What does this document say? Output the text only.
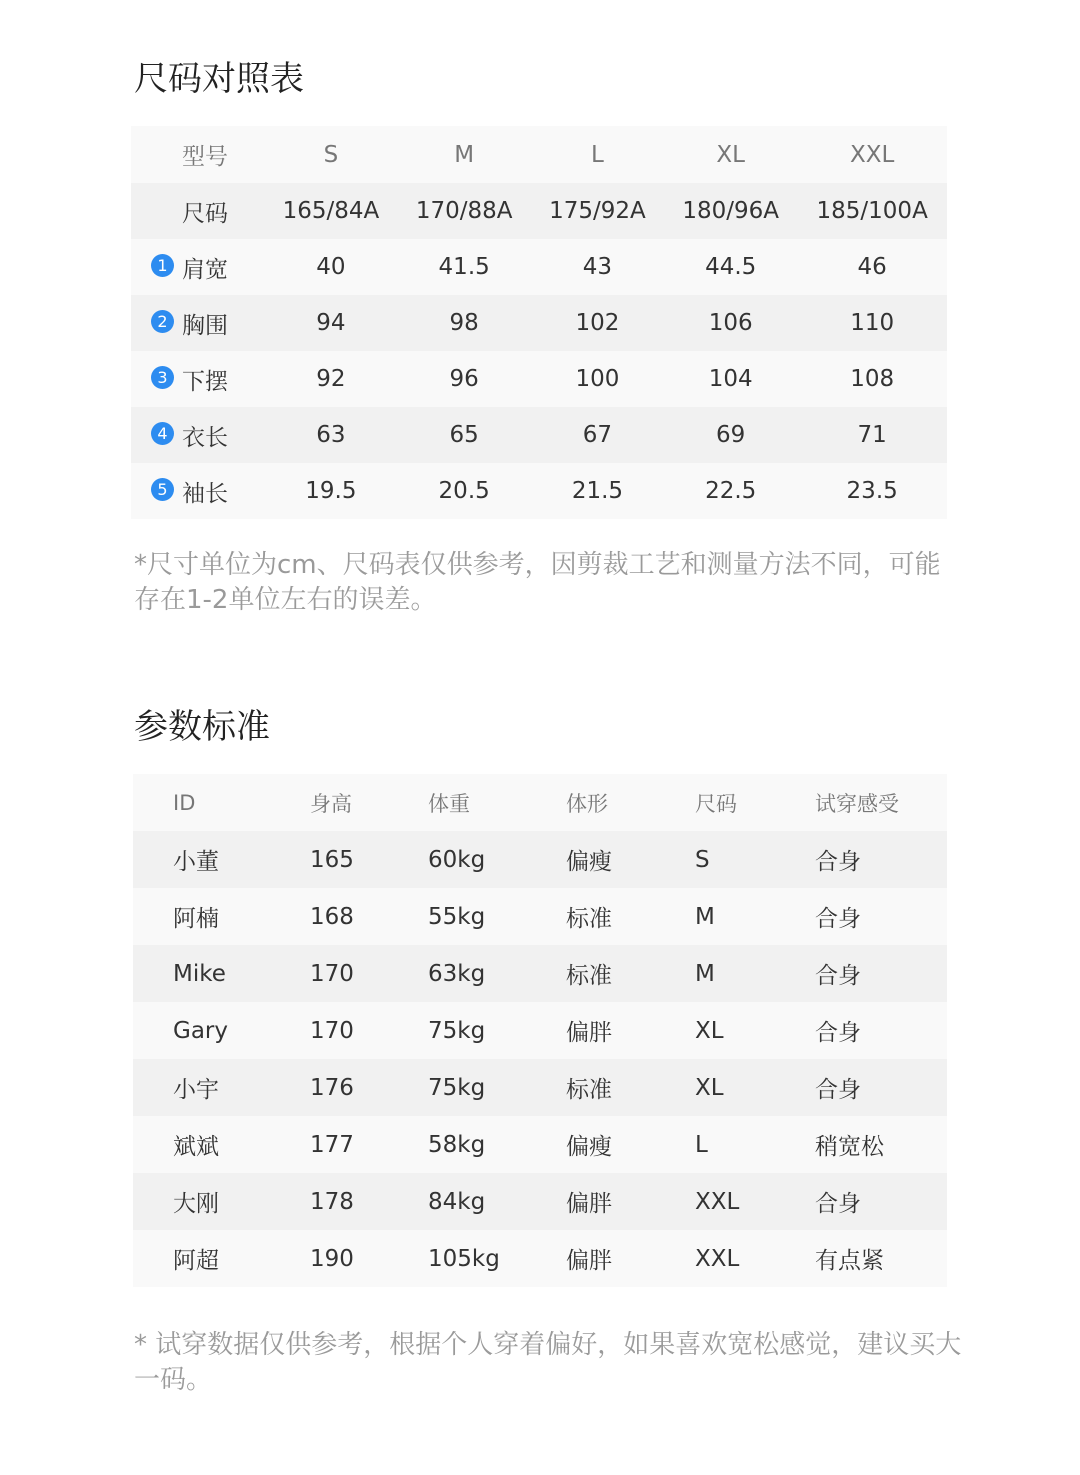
尺码对照表
型号	S	M	L	XL	XXL
尺码	165/84A	170/88A	175/92A	180/96A	185/100A
1 肩宽	40	41.5	43	44.5	46
2 胸围	94	98	102	106	110
3 下摆	92	96	100	104	108
4 衣长	63	65	67	69	71
5 袖长	19.5	20.5	21.5	22.5	23.5

*尺寸单位为cm、尺码表仅供参考，因剪裁工艺和测量方法不同，可能存在1-2单位左右的误差。

参数标准
ID	身高	体重	体形	尺码	试穿感受
小董	165	60kg	偏瘦	S	合身
阿楠	168	55kg	标准	M	合身
Mike	170	63kg	标准	M	合身
Gary	170	75kg	偏胖	XL	合身
小宇	176	75kg	标准	XL	合身
斌斌	177	58kg	偏瘦	L	稍宽松
大刚	178	84kg	偏胖	XXL	合身
阿超	190	105kg	偏胖	XXL	有点紧

* 试穿数据仅供参考，根据个人穿着偏好，如果喜欢宽松感觉，建议买大一码。
